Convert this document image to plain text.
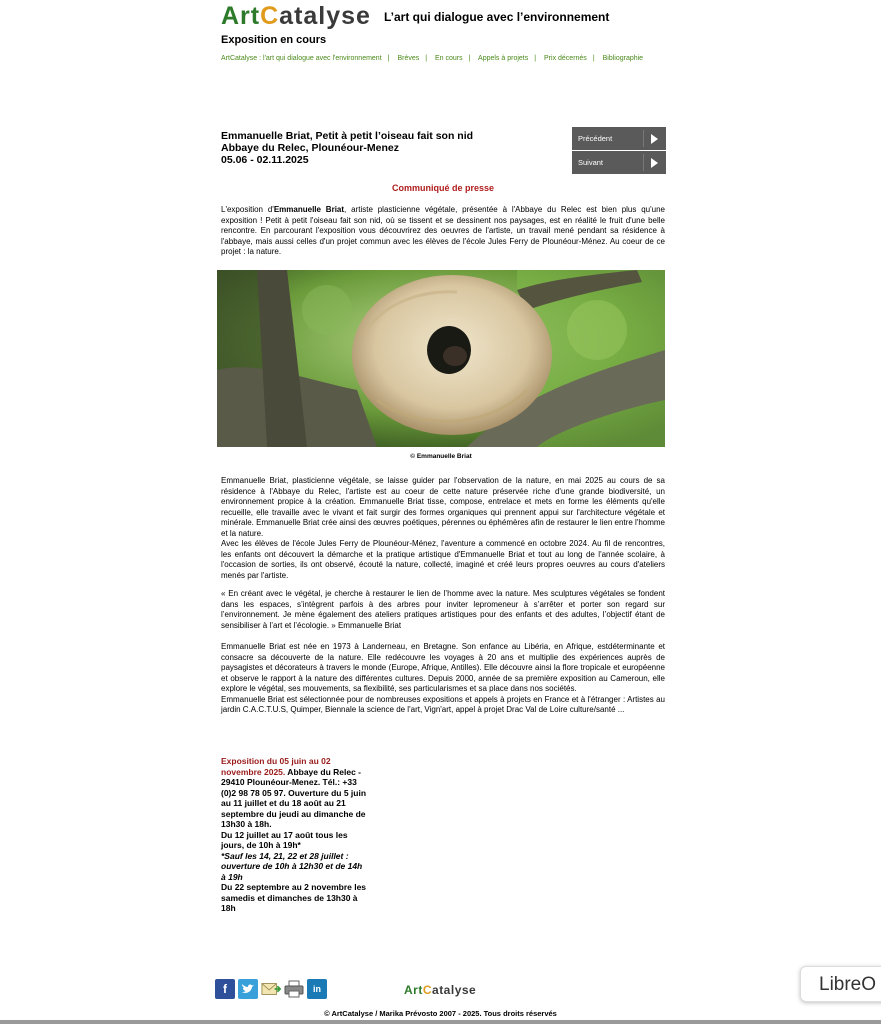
ArtCatalyse L’art qui dialogue avec l’environnement
Exposition en cours
ArtCatalyse : l'art qui dialogue avec l'environnement | Brèves | En cours | Appels à projets | Prix décernés | Bibliographie
Emmanuelle Briat, Petit à petit l’oiseau fait son nid
Abbaye du Relec, Plounéour-Menez
05.06 - 02.11.2025
Précédent
Suivant
Communiqué de presse
L'exposition d'Emmanuelle Briat, artiste plasticienne végétale, présentée à l'Abbaye du Relec est bien plus qu'une exposition ! Petit à petit l'oiseau fait son nid, où se tissent et se dessinent nos paysages, est en réalité le fruit d'une belle rencontre. En parcourant l'exposition vous découvrirez des oeuvres de l'artiste, un travail mené pendant sa résidence à l'abbaye, mais aussi celles d'un projet commun avec les élèves de l'école Jules Ferry de Plounéour-Ménez. Au coeur de ce projet : la nature.
© Emmanuelle Briat
Emmanuelle Briat, plasticienne végétale, se laisse guider par l'observation de la nature, en mai 2025 au cours de sa résidence à l'Abbaye du Relec, l'artiste est au coeur de cette nature préservée riche d'une grande biodiversité, un environnement propice à la création. Emmanuelle Briat tisse, compose, entrelace et mets en forme les éléments qu'elle recueille, elle travaille avec le vivant et fait surgir des formes organiques qui prennent appui sur l'architecture végétale et minérale. Emmanuelle Briat crée ainsi des œuvres poétiques, pérennes ou éphémères afin de restaurer le lien entre l'homme et la nature.
Avec les élèves de l'école Jules Ferry de Plounéour-Ménez, l'aventure a commencé en octobre 2024. Au fil de rencontres, les enfants ont découvert la démarche et la pratique artistique d'Emmanuelle Briat et tout au long de l'année scolaire, à l'occasion de sorties, ils ont observé, écouté la nature, collecté, imaginé et créé leurs propres oeuvres au cours d'ateliers menés par l'artiste.
« En créant avec le végétal, je cherche à restaurer le lien de l’homme avec la nature. Mes sculptures végétales se fondent dans les espaces, s’intègrent parfois à des arbres pour inviter lepromeneur à s’arrêter et porter son regard sur l’environnement. Je mène également des ateliers pratiques artistiques pour des enfants et des adultes, l’objectif étant de sensibiliser à l’art et l’écologie. » Emmanuelle Briat
Emmanuelle Briat est née en 1973 à Landerneau, en Bretagne. Son enfance au Libéria, en Afrique, estdéterminante et consacre sa découverte de la nature. Elle redécouvre les voyages à 20 ans et multiplie des expériences auprès de paysagistes et décorateurs à travers le monde (Europe, Afrique, Antilles). Elle découvre ainsi la flore tropicale et européenne et observe le rapport à la nature des différentes cultures. Depuis 2000, année de sa première exposition au Cameroun, elle explore le végétal, ses mouvements, sa flexibilité, ses particularismes et sa place dans nos sociétés.
Emmanuelle Briat est sélectionnée pour de nombreuses expositions et appels à projets en France et à l'étranger : Artistes au jardin C.A.C.T.U.S, Quimper, Biennale la science de l'art, Vign'art, appel à projet Drac Val de Loire culture/santé ...
Exposition du 05 juin au 02 novembre 2025. Abbaye du Relec - 29410 Plounéour-Menez. Tél.: +33 (0)2 98 78 05 97. Ouverture du 5 juin au 11 juillet et du 18 août au 21 septembre du jeudi au dimanche de 13h30 à 18h.
Du 12 juillet au 17 août tous les jours, de 10h à 19h*
*Sauf les 14, 21, 22 et 28 juillet : ouverture de 10h à 12h30 et de 14h à 19h
Du 22 septembre au 2 novembre les samedis et dimanches de 13h30 à 18h
f	in	ArtCatalyse
© ArtCatalyse / Marika Prévosto 2007 - 2025. Tous droits réservés
LibreO
